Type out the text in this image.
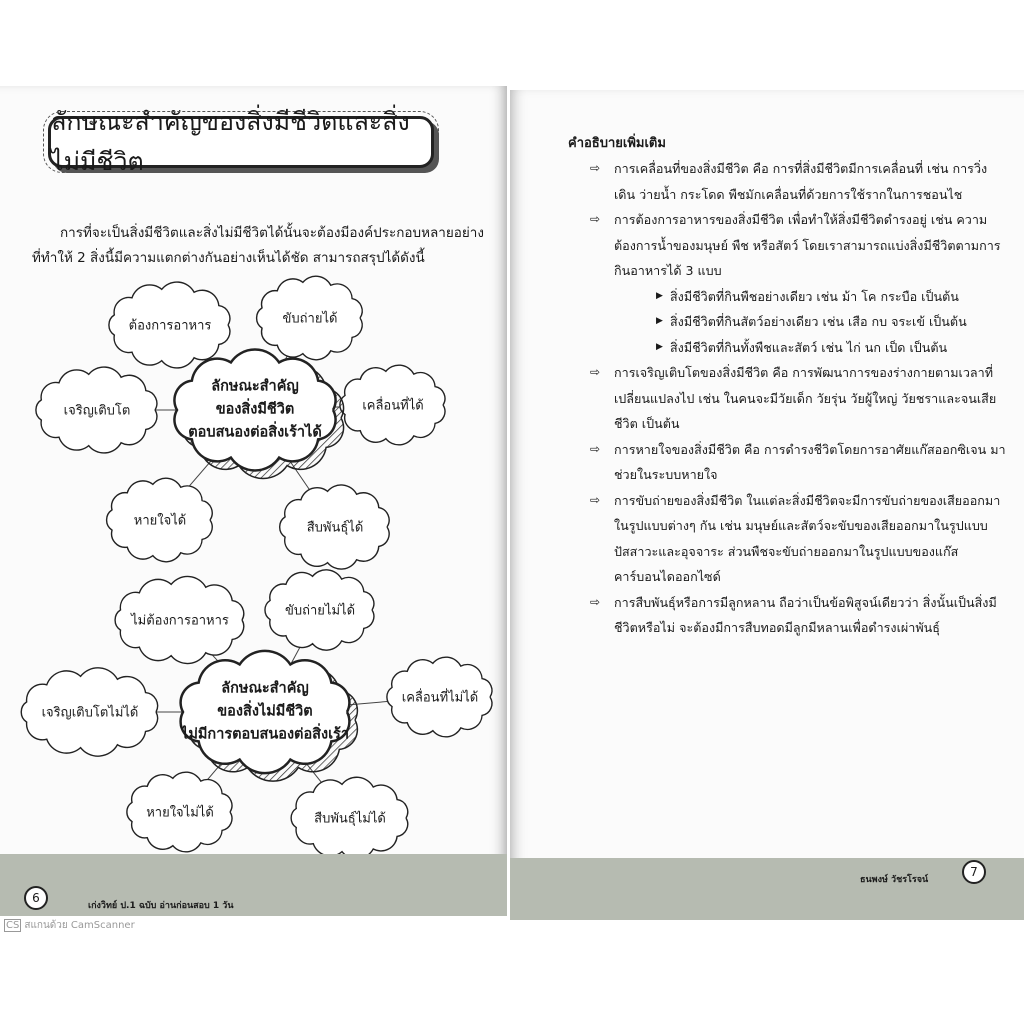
ลักษณะสำคัญของสิ่งมีชีวิตและสิ่งไม่มีชีวิต
การที่จะเป็นสิ่งมีชีวิตและสิ่งไม่มีชีวิตได้นั้นจะต้องมีองค์ประกอบหลายอย่างที่ทำให้ 2 สิ่งนี้มีความแตกต่างกันอย่างเห็นได้ชัด สามารถสรุปได้ดังนี้
ต้องการอาหาร	ขับถ่ายได้
เจริญเติบโต	เคลื่อนที่ได้
หายใจได้	สืบพันธุ์ได้
ลักษณะสำคัญ
ของสิ่งมีชีวิต
ตอบสนองต่อสิ่งเร้าได้
ไม่ต้องการอาหาร
ขับถ่ายไม่ได้
เจริญเติบโตไม่ได้
เคลื่อนที่ไม่ได้
หายใจไม่ได้	สืบพันธุ์ไม่ได้
ลักษณะสำคัญ
ของสิ่งไม่มีชีวิต
ไม่มีการตอบสนองต่อสิ่งเร้า
6
เก่งวิทย์ ป.1 ฉบับ อ่านก่อนสอบ 1 วัน
คำอธิบายเพิ่มเติม
⇨ การเคลื่อนที่ของสิ่งมีชีวิต คือ การที่สิ่งมีชีวิตมีการเคลื่อนที่ เช่น การวิ่ง เดิน ว่ายน้ำ กระโดด พืชมักเคลื่อนที่ด้วยการใช้รากในการชอนไช
⇨ การต้องการอาหารของสิ่งมีชีวิต เพื่อทำให้สิ่งมีชีวิตดำรงอยู่ เช่น ความต้องการน้ำของมนุษย์ พืช หรือสัตว์ โดยเราสามารถแบ่งสิ่งมีชีวิตตามการกินอาหารได้ 3 แบบ
▶ สิ่งมีชีวิตที่กินพืชอย่างเดียว เช่น ม้า โค กระบือ เป็นต้น
▶ สิ่งมีชีวิตที่กินสัตว์อย่างเดียว เช่น เสือ กบ จระเข้ เป็นต้น
▶ สิ่งมีชีวิตที่กินทั้งพืชและสัตว์ เช่น ไก่ นก เป็ด เป็นต้น
⇨ การเจริญเติบโตของสิ่งมีชีวิต คือ การพัฒนาการของร่างกายตามเวลาที่เปลี่ยนแปลงไป เช่น ในคนจะมีวัยเด็ก วัยรุ่น วัยผู้ใหญ่ วัยชราและจนเสียชีวิต เป็นต้น
⇨ การหายใจของสิ่งมีชีวิต คือ การดำรงชีวิตโดยการอาศัยแก๊สออกซิเจน มาช่วยในระบบหายใจ
⇨ การขับถ่ายของสิ่งมีชีวิต ในแต่ละสิ่งมีชีวิตจะมีการขับถ่ายของเสียออกมาในรูปแบบต่างๆ กัน เช่น มนุษย์และสัตว์จะขับของเสียออกมาในรูปแบบปัสสาวะและอุจจาระ ส่วนพืชจะขับถ่ายออกมาในรูปแบบของแก๊สคาร์บอนไดออกไซด์
⇨ การสืบพันธุ์หรือการมีลูกหลาน ถือว่าเป็นข้อพิสูจน์เดียวว่า สิ่งนั้นเป็นสิ่งมีชีวิตหรือไม่ จะต้องมีการสืบทอดมีลูกมีหลานเพื่อดำรงเผ่าพันธุ์
ธนพงษ์ วัชรโรจน์
7
CS สแกนด้วย CamScanner
